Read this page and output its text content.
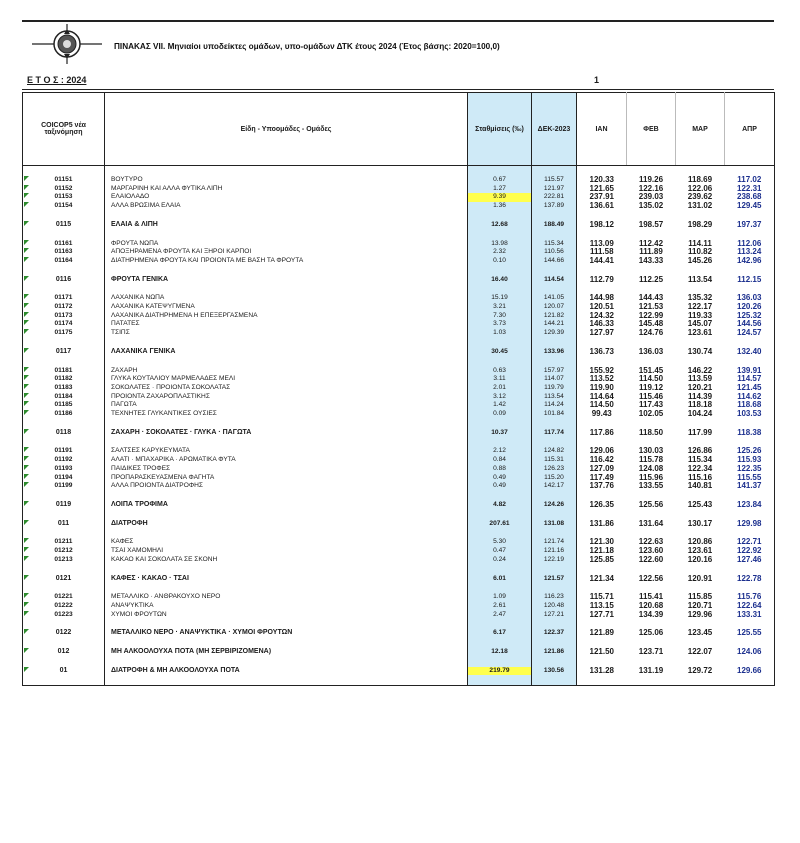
ΠΙΝΑΚΑΣ VII. Μηνιαίοι υποδείκτες ομάδων, υπο-ομάδων ΔΤΚ έτους 2024 (Έτος βάσης: 2020=100,0)
Ε Τ Ο Σ : 2024	1
COICOP5 νέα ταξινόμηση	Είδη - Υποομάδες - Ομάδες	Σταθμίσεις (‰)	ΔΕΚ-2023	ΙΑΝ	ΦΕΒ	ΜΑΡ	ΑΠΡ

01151	ΒΟΥΤΥΡΟ	0.67	115.57	120.33	119.26	118.69	117.02

01152	ΜΑΡΓΑΡΙΝΗ ΚΑΙ ΑΛΛΑ ΦΥΤΙΚΑ ΛΙΠΗ	1.27	121.97	121.65	122.16	122.06	122.31

01153	ΕΛΑΙΟΛΑΔΟ	9.39	222.81	237.91	239.03	239.62	238.68

01154	ΑΛΛΑ ΒΡΩΣΙΜΑ ΕΛΑΙΑ	1.36	137.89	136.61	135.02	131.02	129.45

0115	ΕΛΑΙΑ & ΛΙΠΗ	12.68	188.49	198.12	198.57	198.29	197.37

01161	ΦΡΟΥΤΑ ΝΩΠΑ	13.98	115.34	113.09	112.42	114.11	112.06

01163	ΑΠΟΞΗΡΑΜΕΝΑ ΦΡΟΥΤΑ ΚΑΙ ΞΗΡΟΙ ΚΑΡΠΟΙ	2.32	110.56	111.58	111.89	110.82	113.24

01164	ΔΙΑΤΗΡΗΜΕΝΑ ΦΡΟΥΤΑ ΚΑΙ ΠΡΟΙΟΝΤΑ ΜΕ ΒΑΣΗ ΤΑ ΦΡΟΥΤΑ	0.10	144.66	144.41	143.33	145.26	142.96

0116	ΦΡΟΥΤΑ ΓΕΝΙΚΑ	16.40	114.54	112.79	112.25	113.54	112.15

01171	ΛΑΧΑΝΙΚΑ ΝΩΠΑ	15.19	141.05	144.98	144.43	135.32	136.03

01172	ΛΑΧΑΝΙΚΑ ΚΑΤΕΨΥΓΜΕΝΑ	3.21	120.07	120.51	121.53	122.17	120.26

01173	ΛΑΧΑΝΙΚΑ ΔΙΑΤΗΡΗΜΕΝΑ Η ΕΠΕΞΕΡΓΑΣΜΕΝΑ	7.30	121.82	124.32	122.99	119.33	125.32

01174	ΠΑΤΑΤΕΣ	3.73	144.21	146.33	145.48	145.07	144.56

01175	ΤΣΙΠΣ	1.03	129.39	127.97	124.76	123.61	124.57

0117	ΛΑΧΑΝΙΚΑ ΓΕΝΙΚΑ	30.45	133.96	136.73	136.03	130.74	132.40

01181	ΖΑΧΑΡΗ	0.63	157.97	155.92	151.45	146.22	139.91

01182	ΓΛΥΚΑ ΚΟΥΤΑΛΙΟΥ ΜΑΡΜΕΛΑΔΕΣ ΜΕΛΙ	3.11	114.07	113.52	114.50	113.59	114.57

01183	ΣΟΚΟΛΑΤΕΣ · ΠΡΟΙΟΝΤΑ ΣΟΚΟΛΑΤΑΣ	2.01	119.79	119.90	119.12	120.21	121.45

01184	ΠΡΟΙΟΝΤΑ ΖΑΧΑΡΟΠΛΑΣΤΙΚΗΣ	3.12	113.54	114.64	115.46	114.39	114.62

01185	ΠΑΓΩΤΑ	1.42	114.24	114.50	117.43	118.18	118.68

01186	ΤΕΧΝΗΤΕΣ ΓΛΥΚΑΝΤΙΚΕΣ ΟΥΣΙΕΣ	0.09	101.84	99.43	102.05	104.24	103.53

0118	ΖΑΧΑΡΗ · ΣΟΚΟΛΑΤΕΣ · ΓΛΥΚΑ · ΠΑΓΩΤΑ	10.37	117.74	117.86	118.50	117.99	118.38

01191	ΣΑΛΤΣΕΣ ΚΑΡΥΚΕΥΜΑΤΑ	2.12	124.82	129.06	130.03	126.86	125.26

01192	ΑΛΑΤΙ · ΜΠΑΧΑΡΙΚΑ · ΑΡΩΜΑΤΙΚΑ ΦΥΤΑ	0.84	115.31	116.42	115.78	115.34	115.93

01193	ΠΑΙΔΙΚΕΣ ΤΡΟΦΕΣ	0.88	126.23	127.09	124.08	122.34	122.35

01194	ΠΡΟΠΑΡΑΣΚΕΥΑΣΜΕΝΑ ΦΑΓΗΤΑ	0.49	115.20	117.49	115.96	115.16	115.55

01199	ΑΛΛΑ ΠΡΟΙΟΝΤΑ ΔΙΑΤΡΟΦΗΣ	0.49	142.17	137.76	133.55	140.81	141.37

0119	ΛΟΙΠΑ ΤΡΟΦΙΜΑ	4.82	124.26	126.35	125.56	125.43	123.84

011	ΔΙΑΤΡΟΦΗ	207.61	131.08	131.86	131.64	130.17	129.98

01211	ΚΑΦΕΣ	5.30	121.74	121.30	122.63	120.86	122.71

01212	ΤΣΑΪ ΧΑΜΟΜΗΛΙ	0.47	121.16	121.18	123.60	123.61	122.92

01213	ΚΑΚΑΟ ΚΑΙ ΣΟΚΟΛΑΤΑ ΣΕ ΣΚΟΝΗ	0.24	122.19	125.85	122.60	120.16	127.46

0121	ΚΑΦΕΣ · ΚΑΚΑΟ · ΤΣΑΪ	6.01	121.57	121.34	122.56	120.91	122.78

01221	ΜΕΤΑΛΛΙΚΟ · ΑΝΘΡΑΚΟΥΧΟ ΝΕΡΟ	1.09	116.23	115.71	115.41	115.85	115.76

01222	ΑΝΑΨΥΚΤΙΚΑ	2.61	120.48	113.15	120.68	120.71	122.64

01223	ΧΥΜΟΙ ΦΡΟΥΤΩΝ	2.47	127.21	127.71	134.39	129.96	133.31

0122	ΜΕΤΑΛΛΙΚΟ ΝΕΡΟ · ΑΝΑΨΥΚΤΙΚΑ · ΧΥΜΟΙ ΦΡΟΥΤΩΝ	6.17	122.37	121.89	125.06	123.45	125.55

012	ΜΗ ΑΛΚΟΟΛΟΥΧΑ ΠΟΤΑ (ΜΗ ΣΕΡΒΙΡΙΖΟΜΕΝΑ)	12.18	121.86	121.50	123.71	122.07	124.06

01	ΔΙΑΤΡΟΦΗ & ΜΗ ΑΛΚΟΟΛΟΥΧΑ ΠΟΤΑ	219.79	130.56	131.28	131.19	129.72	129.66
